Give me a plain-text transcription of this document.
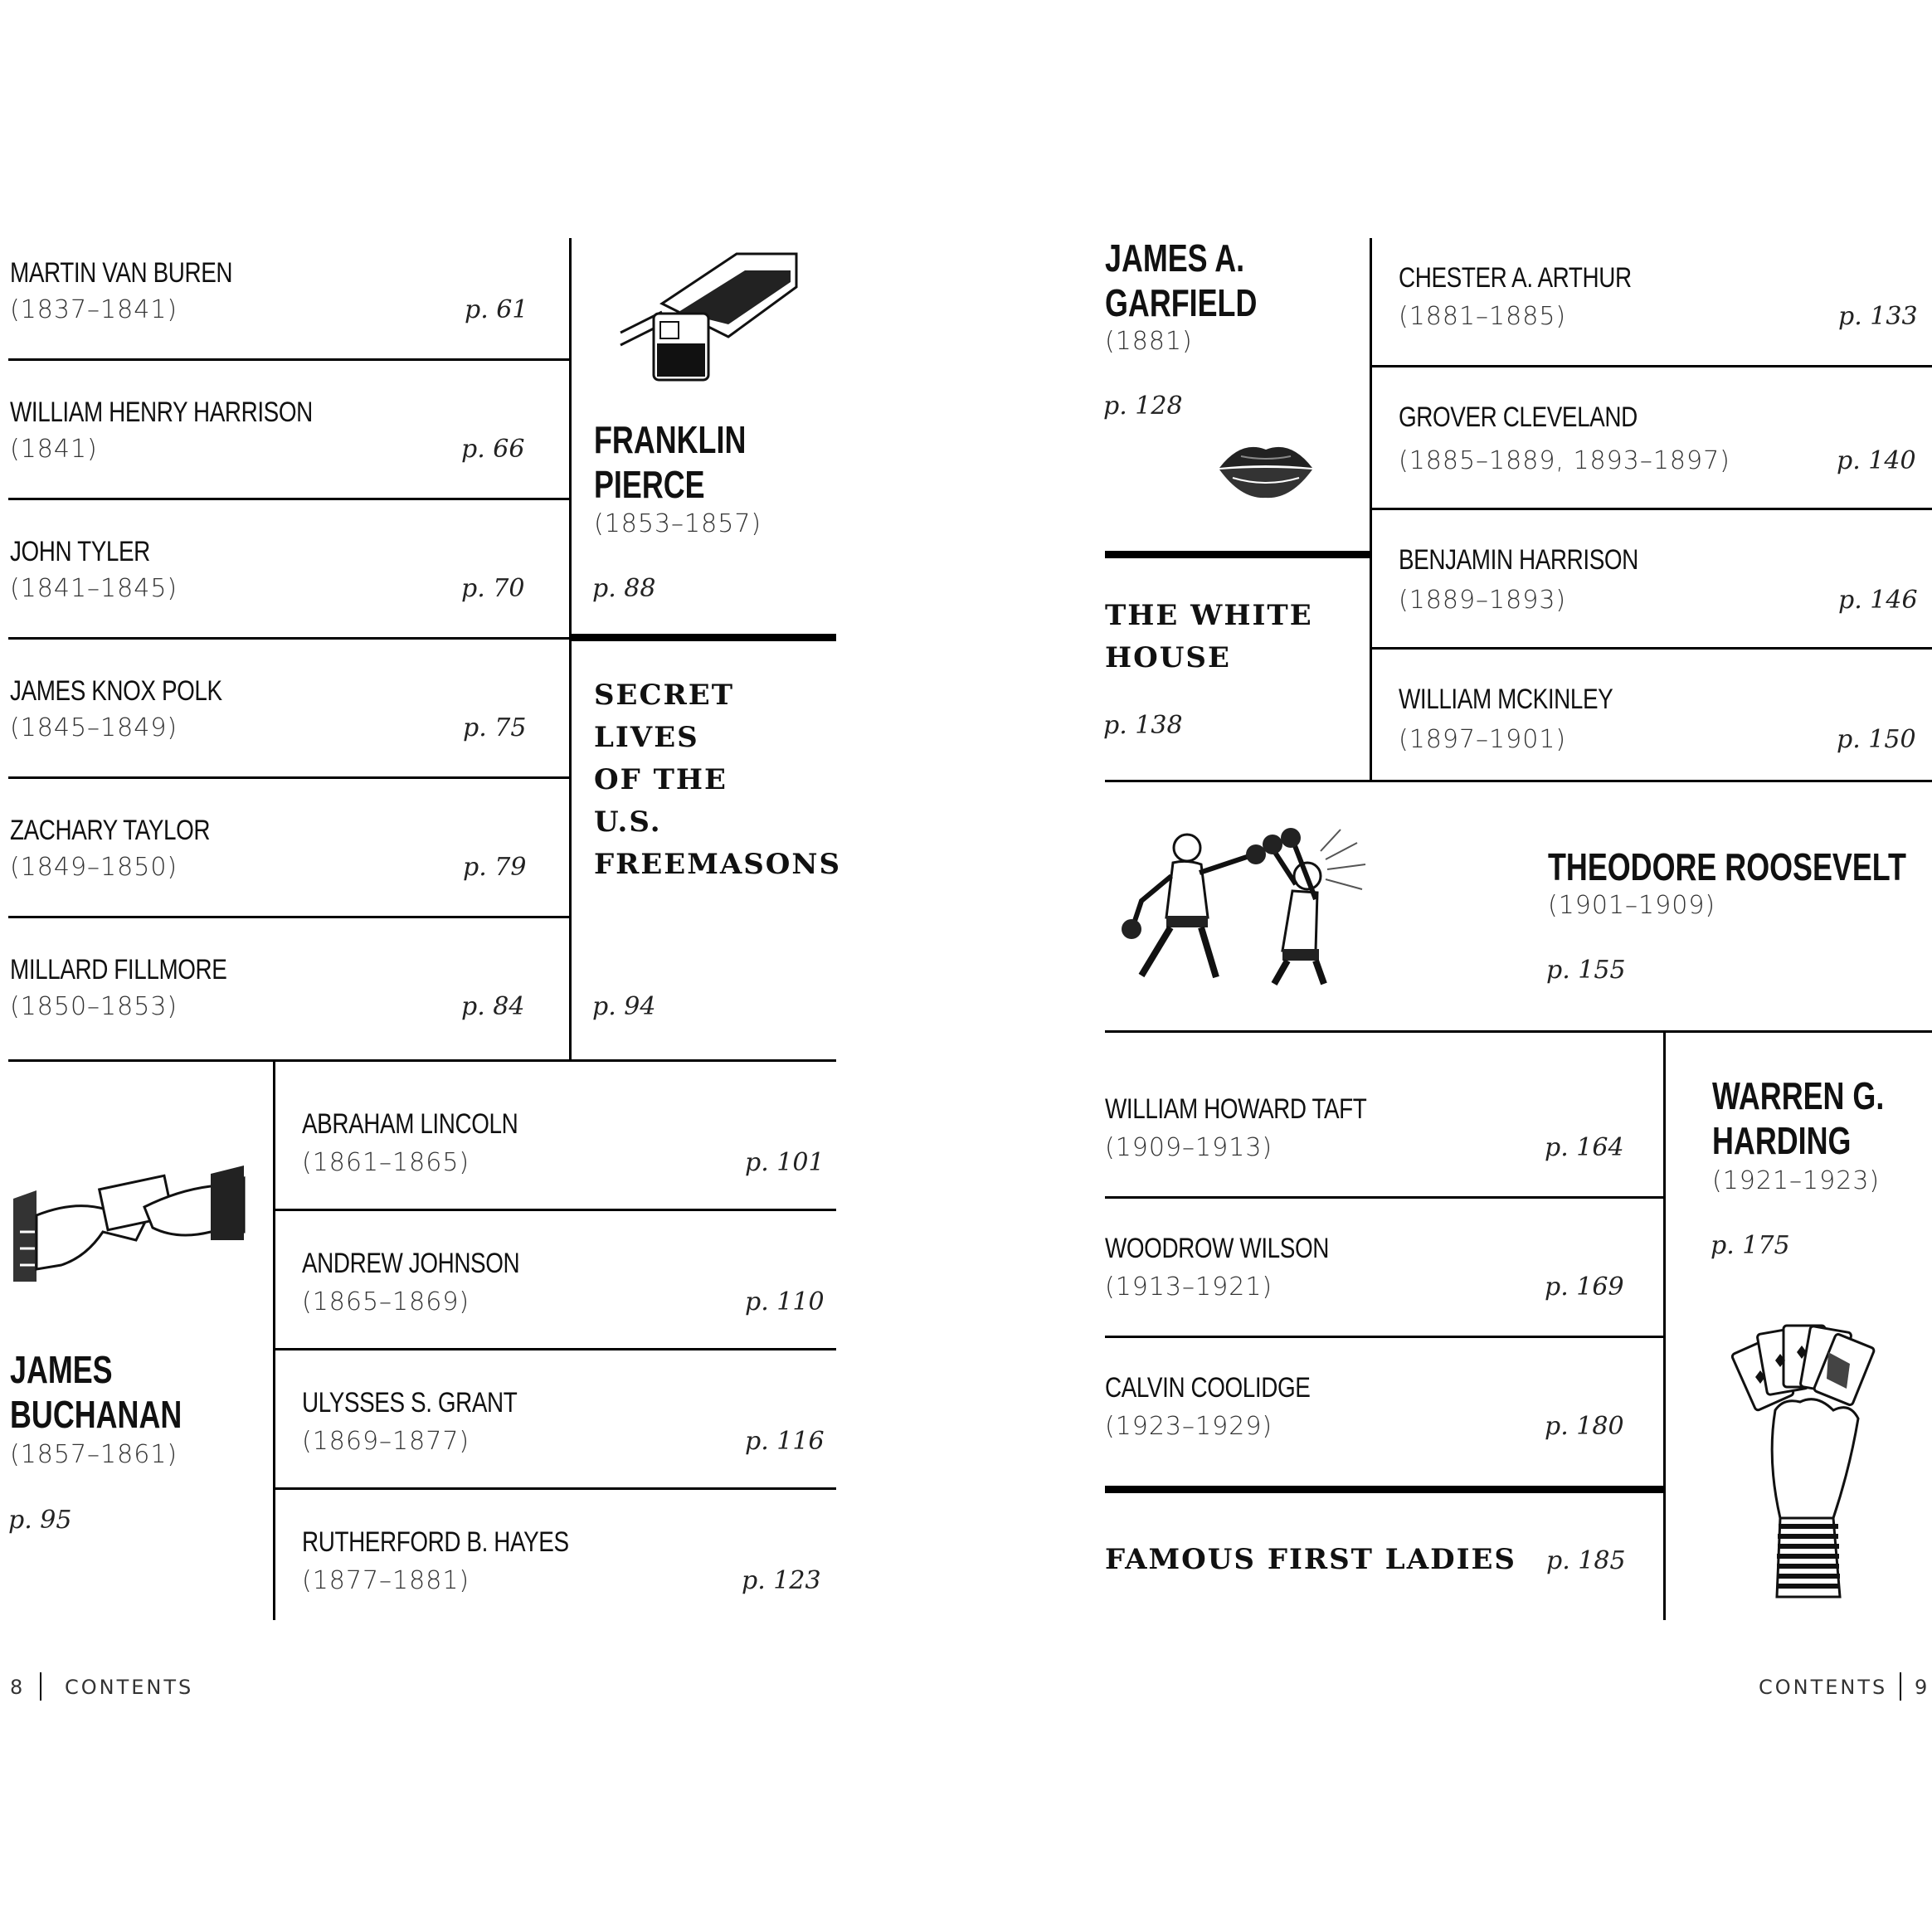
MARTIN VAN BUREN
(1837–1841)	p. 61
WILLIAM HENRY HARRISON
(1841)	p. 66
JOHN TYLER
(1841–1845)	p. 70
JAMES KNOX POLK
(1845–1849)	p. 75
ZACHARY TAYLOR
(1849–1850)	p. 79
MILLARD FILLMORE
(1850–1853)	p. 84
FRANKLIN
PIERCE
(1853–1857)
p. 88
SECRET
LIVES
OF THE
U.S.
FREEMASONS
p. 94
JAMES
BUCHANAN
(1857–1861)
p. 95
ABRAHAM LINCOLN
(1861–1865)	p. 101
ANDREW JOHNSON
(1865–1869)	p. 110
ULYSSES S. GRANT
(1869–1877)	p. 116
RUTHERFORD B. HAYES
(1877–1881)	p. 123
8 CONTENTS
JAMES A.
GARFIELD
(1881)
p. 128
THE WHITE
HOUSE
p. 138
CHESTER A. ARTHUR
(1881–1885)	p. 133
GROVER CLEVELAND
(1885–1889, 1893–1897)	p. 140
BENJAMIN HARRISON
(1889–1893)	p. 146
WILLIAM MCKINLEY
(1897–1901)	p. 150
THEODORE ROOSEVELT
(1901–1909)
p. 155
WILLIAM HOWARD TAFT
(1909–1913)	p. 164
WOODROW WILSON
(1913–1921)	p. 169
CALVIN COOLIDGE
(1923–1929)	p. 180
FAMOUS FIRST LADIES p. 185
WARREN G.
HARDING
(1921–1923)
p. 175
CONTENTS 9
